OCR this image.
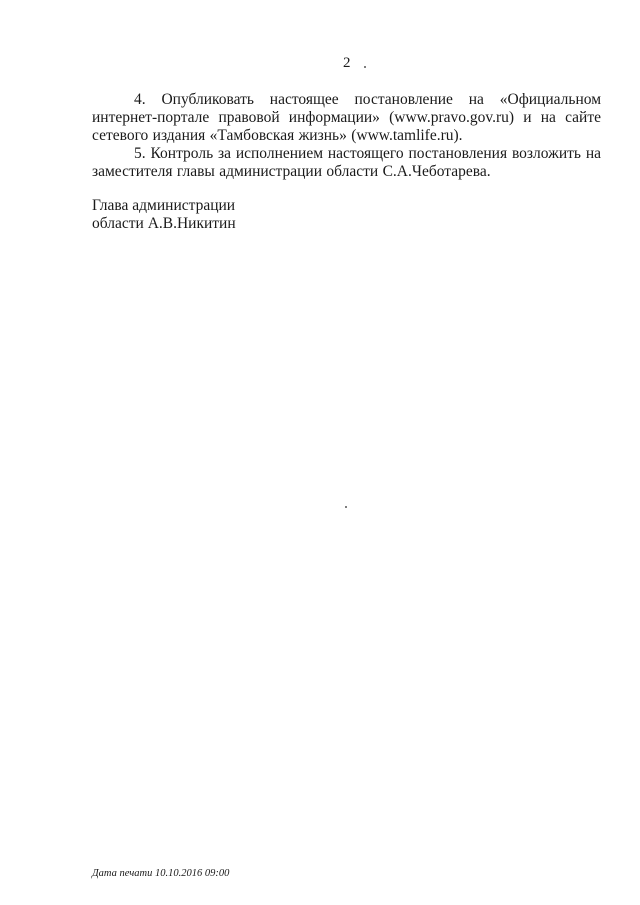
2

4. Опубликовать настоящее постановление на «Официальном интернет-портале правовой информации» (www.pravo.gov.ru) и на сайте сетевого издания «Тамбовская жизнь» (www.tamlife.ru).

5. Контроль за исполнением настоящего постановления возложить на заместителя главы администрации области С.А.Чеботарева.

Глава администрации
области А.В.Никитин
Дата печати 10.10.2016 09:00
